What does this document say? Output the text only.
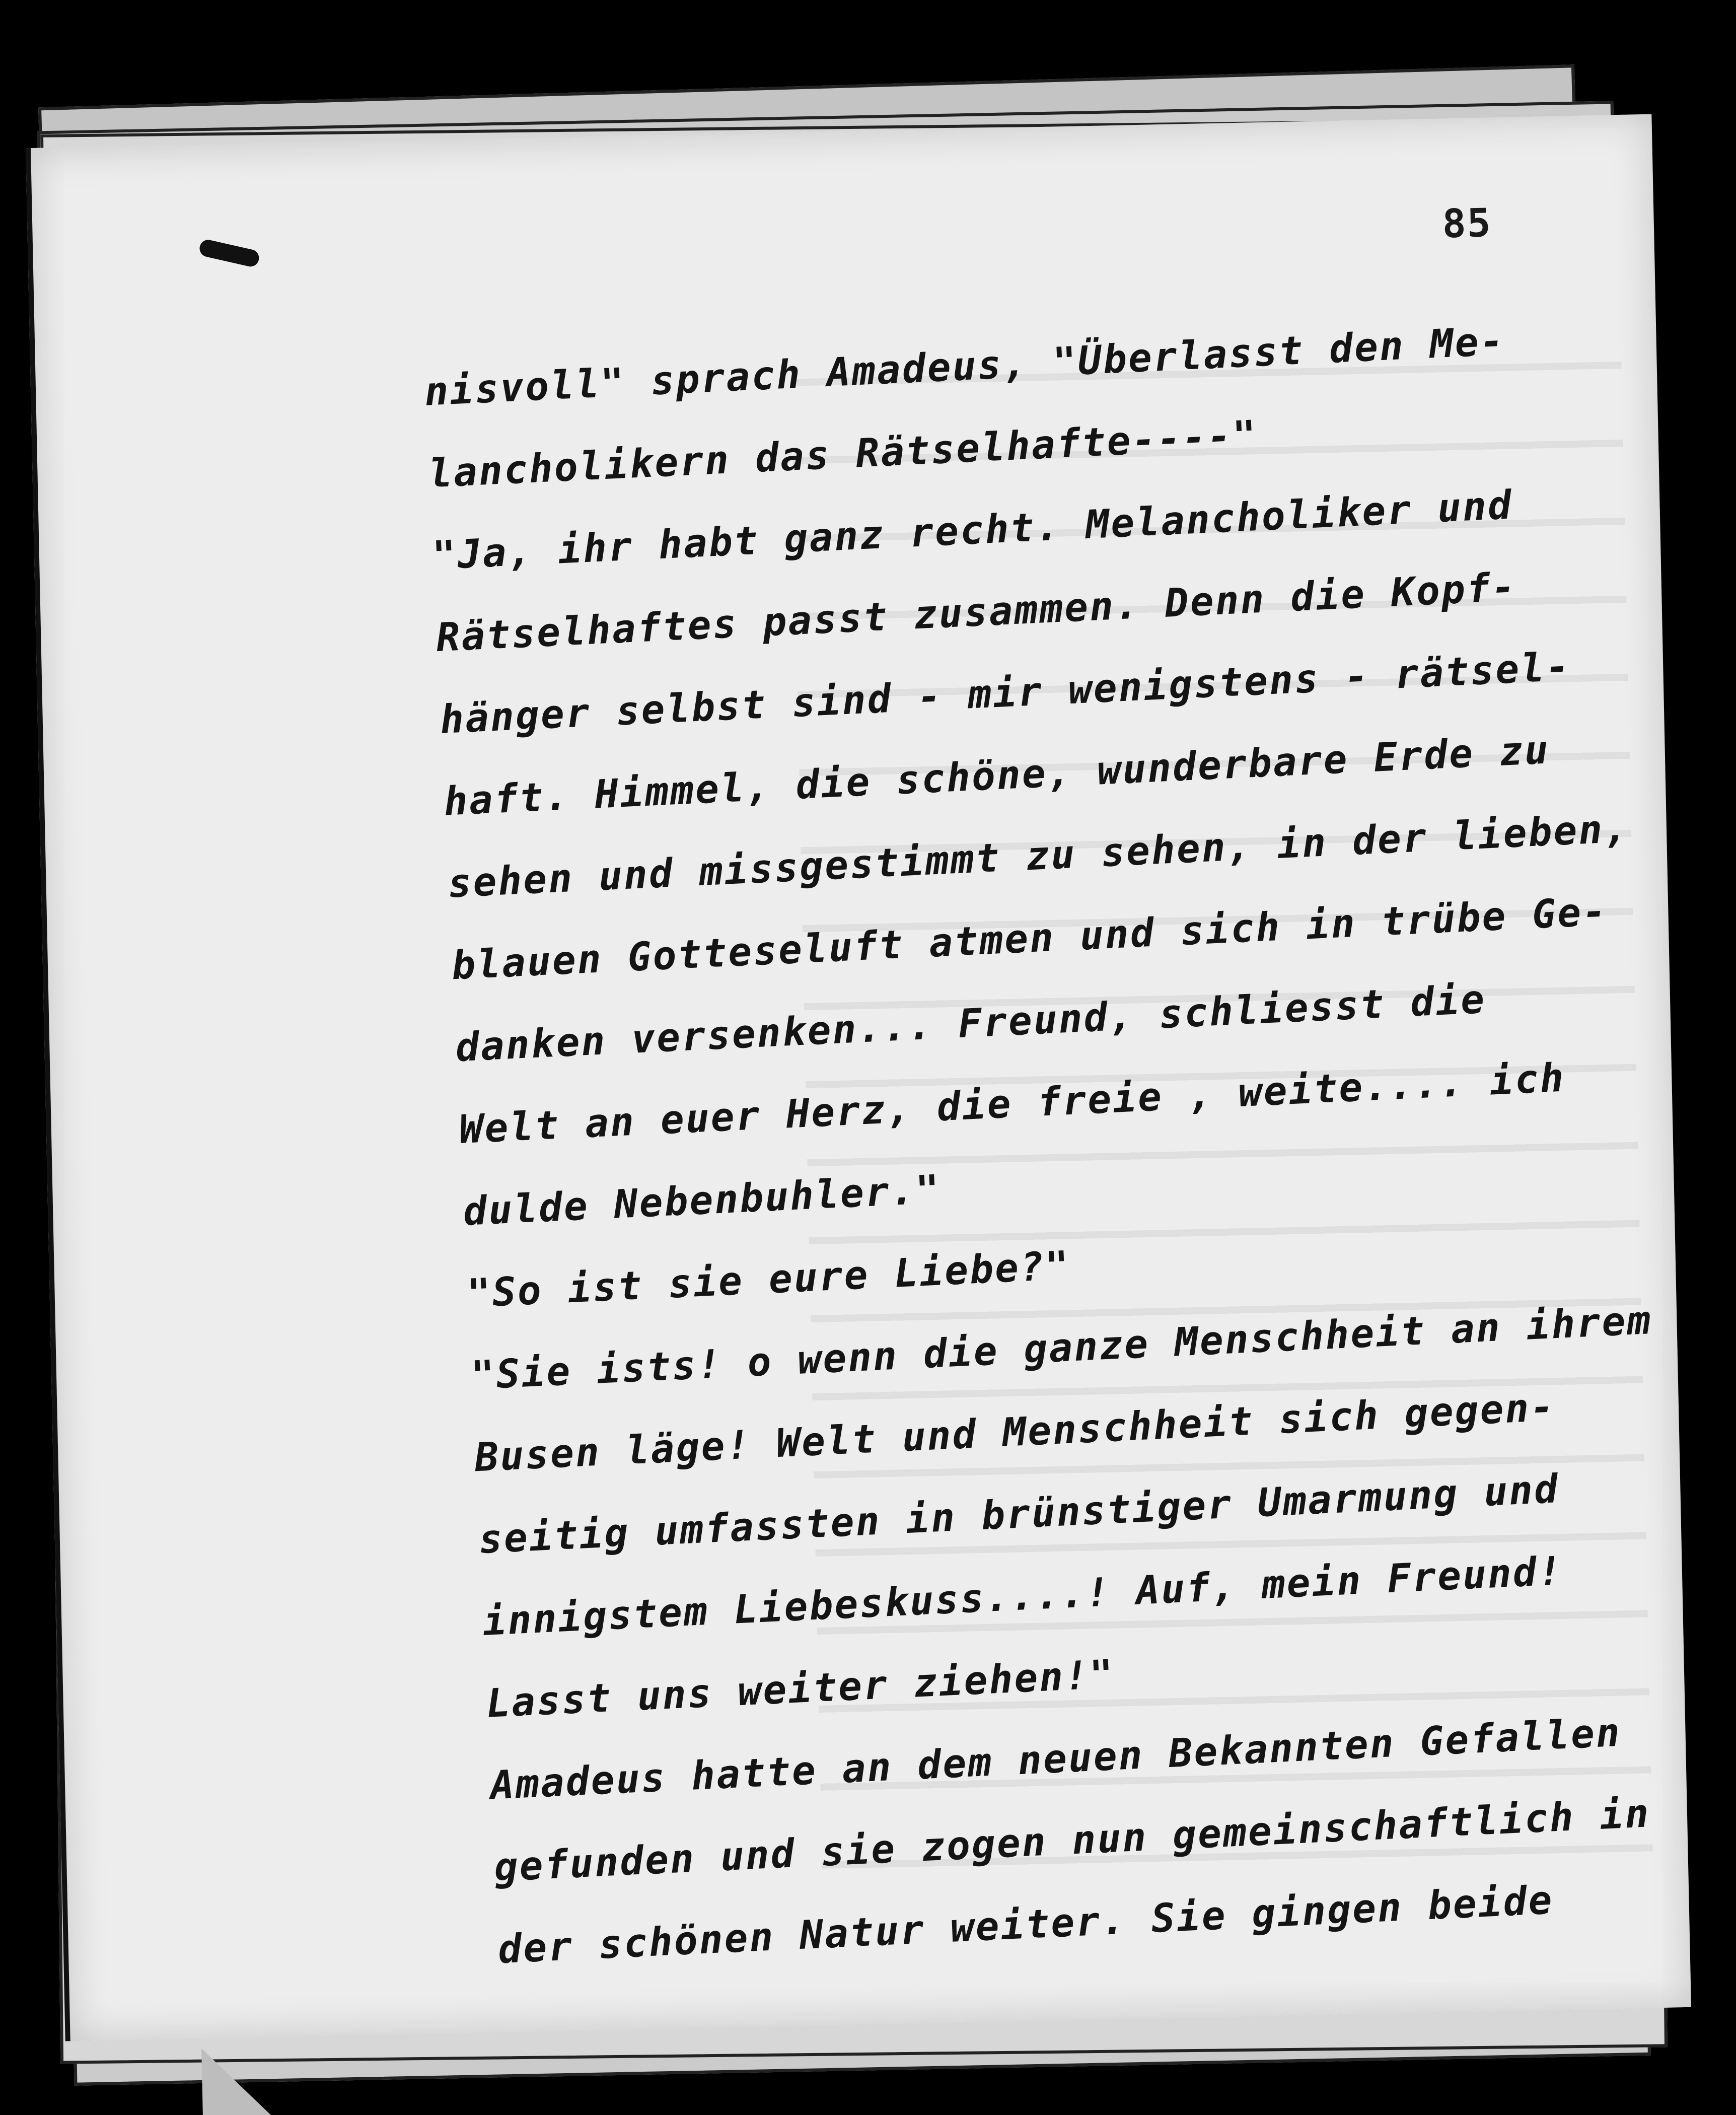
85
nisvoll" sprach Amadeus, "Überlasst den Me-
lancholikern das Rätselhafte----"
"Ja, ihr habt ganz recht. Melancholiker und
Rätselhaftes passt zusammen. Denn die Kopf-
hänger selbst sind - mir wenigstens - rätsel-
haft. Himmel, die schöne, wunderbare Erde zu
sehen und missgestimmt zu sehen, in der lieben,
blauen Gotteseluft atmen und sich in trübe Ge-
danken versenken... Freund, schliesst die
Welt an euer Herz, die freie , weite.... ich
dulde Nebenbuhler."
"So ist sie eure Liebe?"
"Sie ists! o wenn die ganze Menschheit an ihrem
Busen läge! Welt und Menschheit sich gegen-
seitig umfassten in brünstiger Umarmung und
innigstem Liebeskuss....! Auf, mein Freund!
Lasst uns weiter ziehen!"
Amadeus hatte an dem neuen Bekannten Gefallen
gefunden und sie zogen nun gemeinschaftlich in
der schönen Natur weiter. Sie gingen beide
